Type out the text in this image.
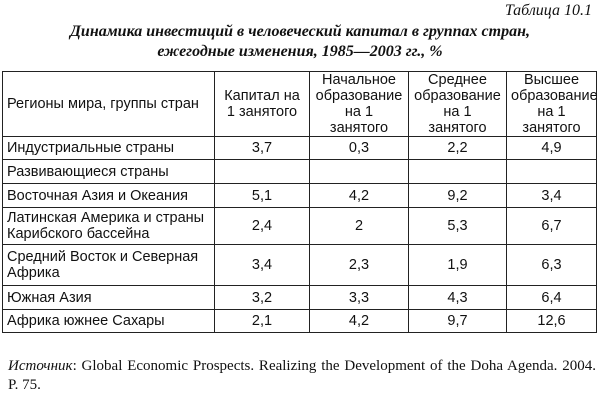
Таблица 10.1
Динамика инвестиций в человеческий капитал в группах стран,
ежегодные изменения, 1985—2003 гг., %
Регионы мира, группы стран	Капитал на 1 занятого	Начальное образование на 1 занятого	Среднее образование на 1 занятого	Высшее образование на 1 занятого
Индустриальные страны	3,7	0,3	2,2	4,9
Развивающиеся страны				
Восточная Азия и Океания	5,1	4,2	9,2	3,4
Латинская Америка и страны Карибского бассейна	2,4	2	5,3	6,7
Средний Восток и Северная Африка	3,4	2,3	1,9	6,3
Южная Азия	3,2	3,3	4,3	6,4
Африка южнее Сахары	2,1	4,2	9,7	12,6
Источник: Global Economic Prospects. Realizing the Development of the Doha Agenda. 2004. P. 75.
